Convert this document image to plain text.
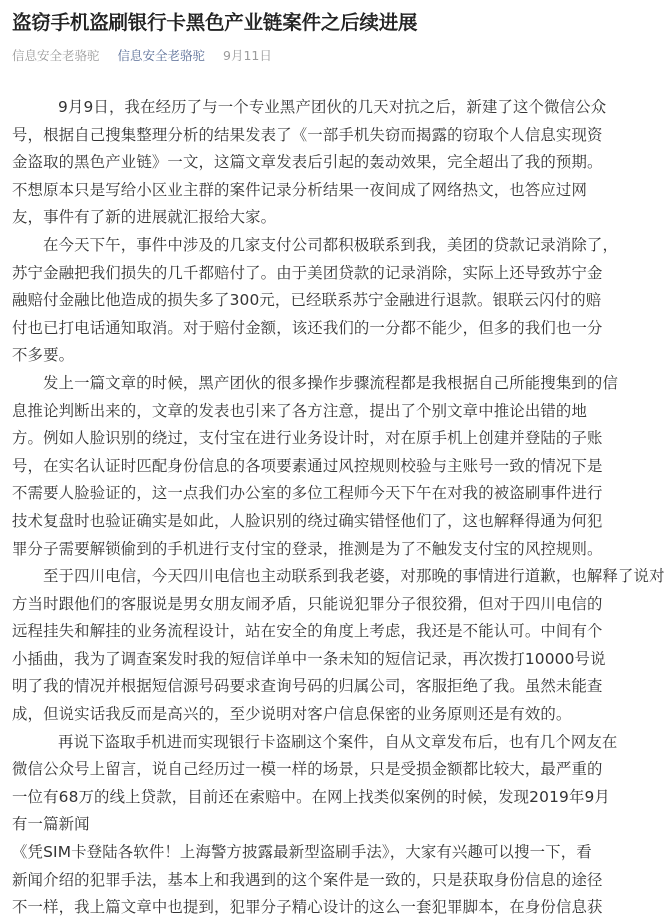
盗窃手机盗刷银行卡黑色产业链案件之后续进展
信息安全老骆驼 信息安全老骆驼 9月11日

9月9日，我在经历了与一个专业黑产团伙的几天对抗之后，新建了这个微信公众

号，根据自己搜集整理分析的结果发表了《一部手机失窃而揭露的窃取个人信息实现资

金盗取的黑色产业链》一文，这篇文章发表后引起的轰动效果，完全超出了我的预期。

不想原本只是写给小区业主群的案件记录分析结果一夜间成了网络热文，也答应过网

友，事件有了新的进展就汇报给大家。

在今天下午，事件中涉及的几家支付公司都积极联系到我，美团的贷款记录消除了，

苏宁金融把我们损失的几千都赔付了。由于美团贷款的记录消除，实际上还导致苏宁金

融赔付金融比他造成的损失多了300元，已经联系苏宁金融进行退款。银联云闪付的赔

付也已打电话通知取消。对于赔付金额，该还我们的一分都不能少，但多的我们也一分

不多要。

发上一篇文章的时候，黑产团伙的很多操作步骤流程都是我根据自己所能搜集到的信

息推论判断出来的，文章的发表也引来了各方注意，提出了个别文章中推论出错的地

方。例如人脸识别的绕过，支付宝在进行业务设计时，对在原手机上创建并登陆的子账

号，在实名认证时匹配身份信息的各项要素通过风控规则校验与主账号一致的情况下是

不需要人脸验证的，这一点我们办公室的多位工程师今天下午在对我的被盗刷事件进行

技术复盘时也验证确实是如此，人脸识别的绕过确实错怪他们了，这也解释得通为何犯

罪分子需要解锁偷到的手机进行支付宝的登录，推测是为了不触发支付宝的风控规则。

至于四川电信，今天四川电信也主动联系到我老婆，对那晚的事情进行道歉，也解释了说对

方当时跟他们的客服说是男女朋友闹矛盾，只能说犯罪分子很狡猾，但对于四川电信的

远程挂失和解挂的业务流程设计，站在安全的角度上考虑，我还是不能认可。中间有个

小插曲，我为了调查案发时我的短信详单中一条未知的短信记录，再次拨打10000号说

明了我的情况并根据短信源号码要求查询号码的归属公司，客服拒绝了我。虽然未能查

成，但说实话我反而是高兴的，至少说明对客户信息保密的业务原则还是有效的。

再说下盗取手机进而实现银行卡盗刷这个案件，自从文章发布后，也有几个网友在

微信公众号上留言，说自己经历过一模一样的场景，只是受损金额都比较大，最严重的

一位有68万的线上贷款，目前还在索赔中。在网上找类似案例的时候，发现2019年9月

有一篇新闻

《凭SIM卡登陆各软件！上海警方披露最新型盗刷手法》，大家有兴趣可以搜一下，看

新闻介绍的犯罪手法，基本上和我遇到的这个案件是一致的，只是获取身份信息的途径

不一样，我上篇文章中也提到，犯罪分子精心设计的这么一套犯罪脚本，在身份信息获
